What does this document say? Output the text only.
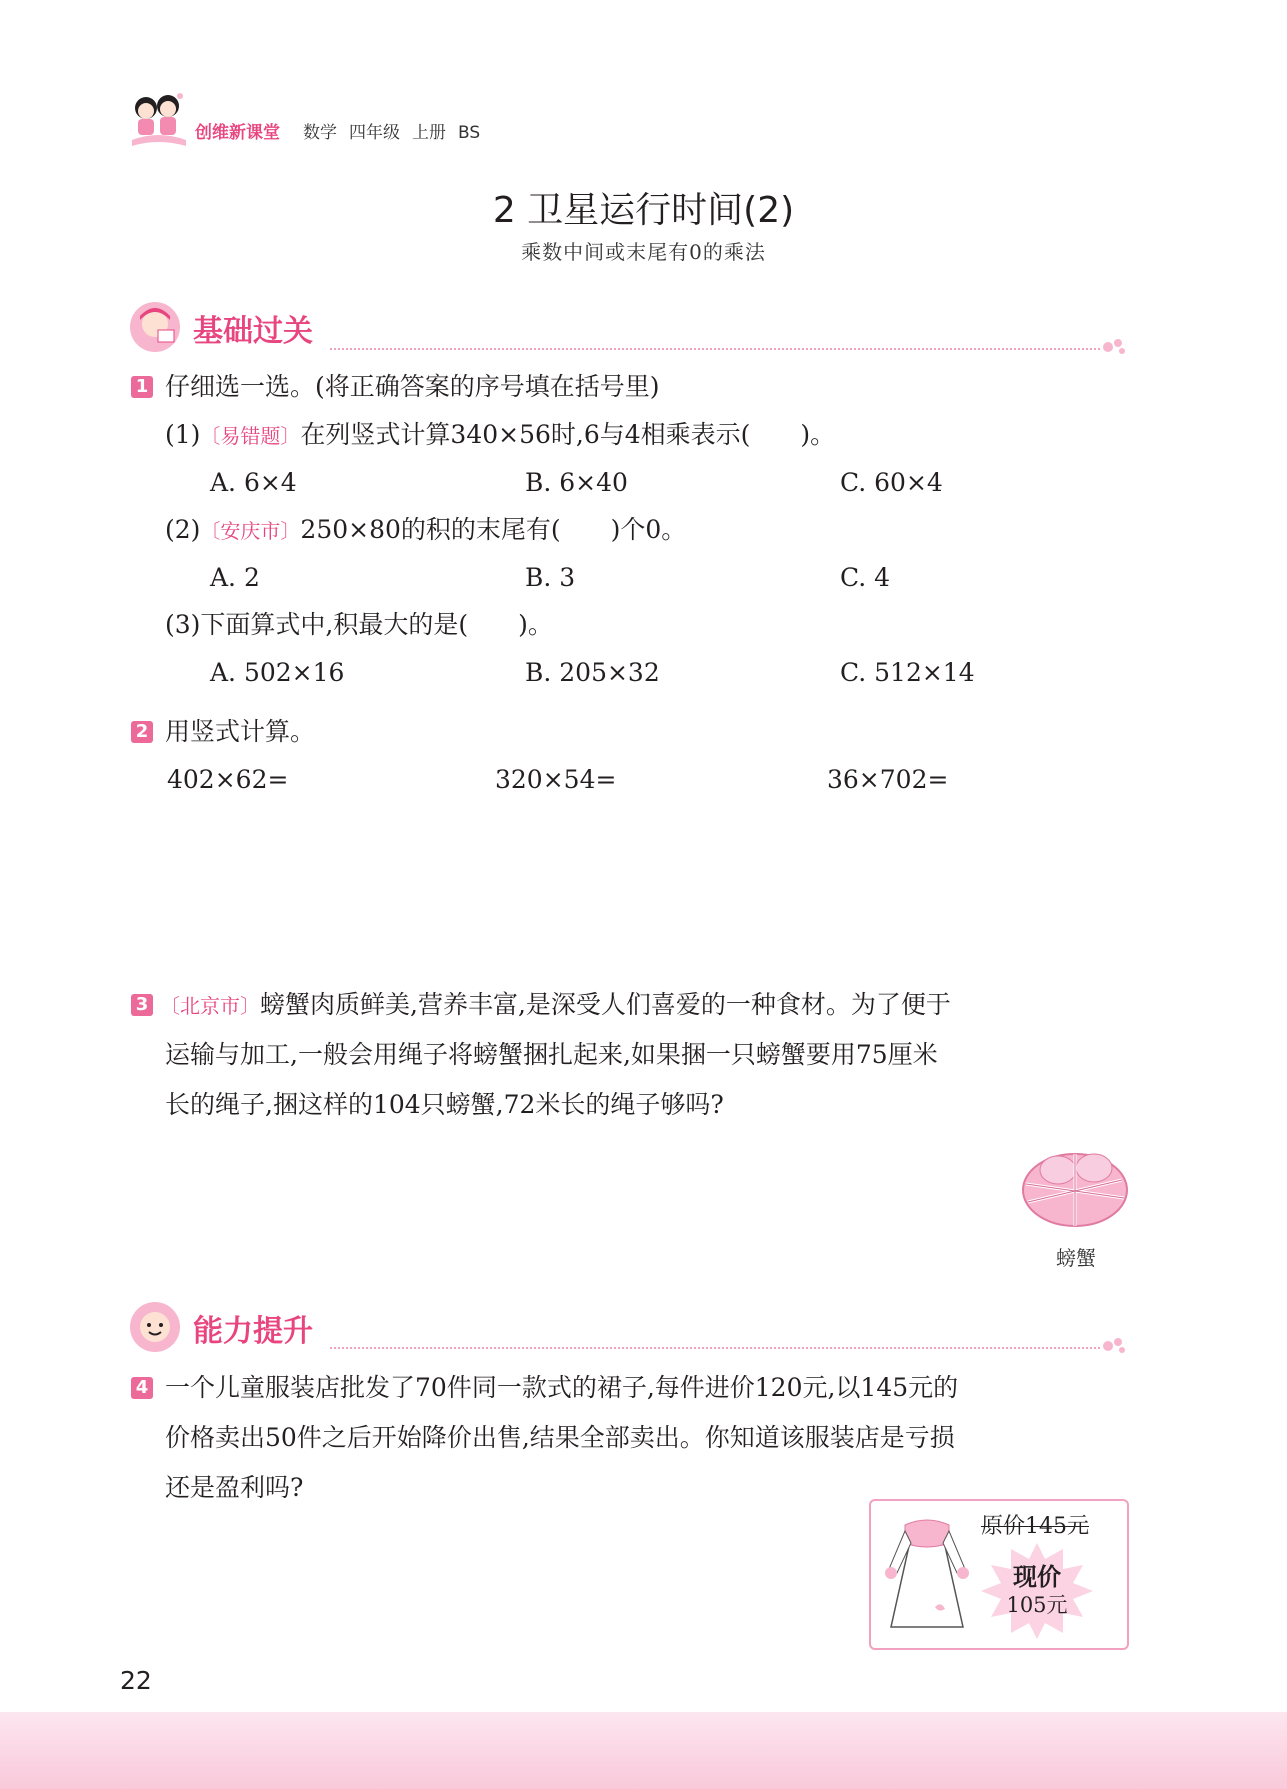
创维新课堂 数学 四年级 上册 BS
2 卫星运行时间(2)
乘数中间或末尾有0的乘法
基础过关
1 仔细选一选。(将正确答案的序号填在括号里)
(1)〔易错题〕在列竖式计算340×56时,6与4相乘表示(　　)。
A. 6×4	B. 6×40	C. 60×4
(2)〔安庆市〕250×80的积的末尾有(　　)个0。
A. 2	B. 3	C. 4
(3)下面算式中,积最大的是(　　)。
A. 502×16	B. 205×32	C. 512×14
2 用竖式计算。
402×62=	320×54=	36×702=
3 〔北京市〕螃蟹肉质鲜美,营养丰富,是深受人们喜爱的一种食材。为了便于
运输与加工,一般会用绳子将螃蟹捆扎起来,如果捆一只螃蟹要用75厘米
长的绳子,捆这样的104只螃蟹,72米长的绳子够吗?
螃蟹
能力提升
4 一个儿童服装店批发了70件同一款式的裙子,每件进价120元,以145元的
价格卖出50件之后开始降价出售,结果全部卖出。你知道该服装店是亏损
还是盈利吗?
原价145元
现价
105元
22
